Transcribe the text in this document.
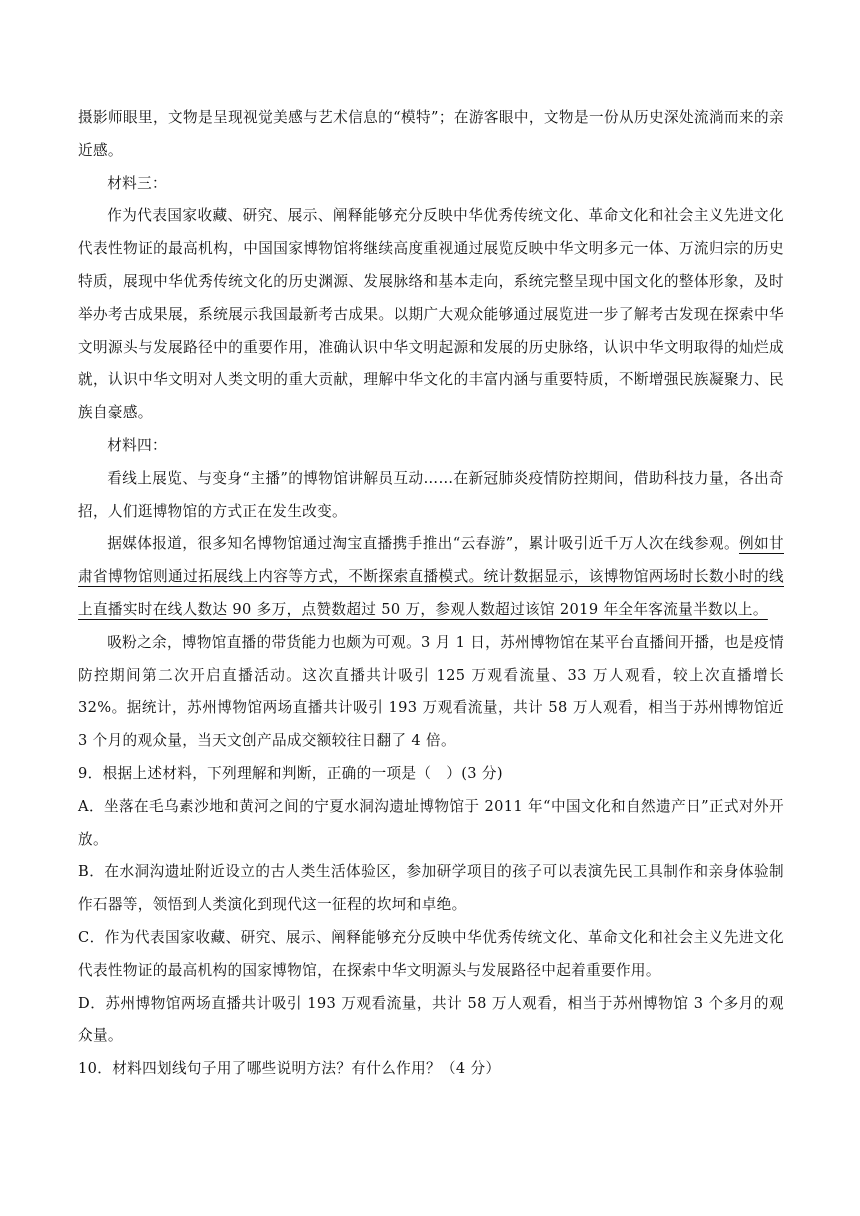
摄影师眼里，文物是呈现视觉美感与艺术信息的“模特”；在游客眼中，文物是一份从历史深处流淌而来的亲近感。

材料三：

作为代表国家收藏、研究、展示、阐释能够充分反映中华优秀传统文化、革命文化和社会主义先进文化代表性物证的最高机构，中国国家博物馆将继续高度重视通过展览反映中华文明多元一体、万流归宗的历史特质，展现中华优秀传统文化的历史渊源、发展脉络和基本走向，系统完整呈现中国文化的整体形象，及时举办考古成果展，系统展示我国最新考古成果。以期广大观众能够通过展览进一步了解考古发现在探索中华文明源头与发展路径中的重要作用，准确认识中华文明起源和发展的历史脉络，认识中华文明取得的灿烂成就，认识中华文明对人类文明的重大贡献，理解中华文化的丰富内涵与重要特质，不断增强民族凝聚力、民族自豪感。

材料四：

看线上展览、与变身“主播”的博物馆讲解员互动……在新冠肺炎疫情防控期间，借助科技力量，各出奇招，人们逛博物馆的方式正在发生改变。

据媒体报道，很多知名博物馆通过淘宝直播携手推出“云春游”，累计吸引近千万人次在线参观。例如甘肃省博物馆则通过拓展线上内容等方式，不断探索直播模式。统计数据显示，该博物馆两场时长数小时的线上直播实时在线人数达 90 多万，点赞数超过 50 万，参观人数超过该馆 2019 年全年客流量半数以上。

吸粉之余，博物馆直播的带货能力也颇为可观。3 月 1 日，苏州博物馆在某平台直播间开播，也是疫情防控期间第二次开启直播活动。这次直播共计吸引 125 万观看流量、33 万人观看，较上次直播增长 32%。据统计，苏州博物馆两场直播共计吸引 193 万观看流量，共计 58 万人观看，相当于苏州博物馆近 3 个月的观众量，当天文创产品成交额较往日翻了 4 倍。

9．根据上述材料，下列理解和判断，正确的一项是（　）(3 分)

A．坐落在毛乌素沙地和黄河之间的宁夏水洞沟遗址博物馆于 2011 年“中国文化和自然遗产日”正式对外开放。

B．在水洞沟遗址附近设立的古人类生活体验区，参加研学项目的孩子可以表演先民工具制作和亲身体验制作石器等，领悟到人类演化到现代这一征程的坎坷和卓绝。

C．作为代表国家收藏、研究、展示、阐释能够充分反映中华优秀传统文化、革命文化和社会主义先进文化代表性物证的最高机构的国家博物馆，在探索中华文明源头与发展路径中起着重要作用。

D．苏州博物馆两场直播共计吸引 193 万观看流量，共计 58 万人观看，相当于苏州博物馆 3 个多月的观众量。

10．材料四划线句子用了哪些说明方法？有什么作用？（4 分）
